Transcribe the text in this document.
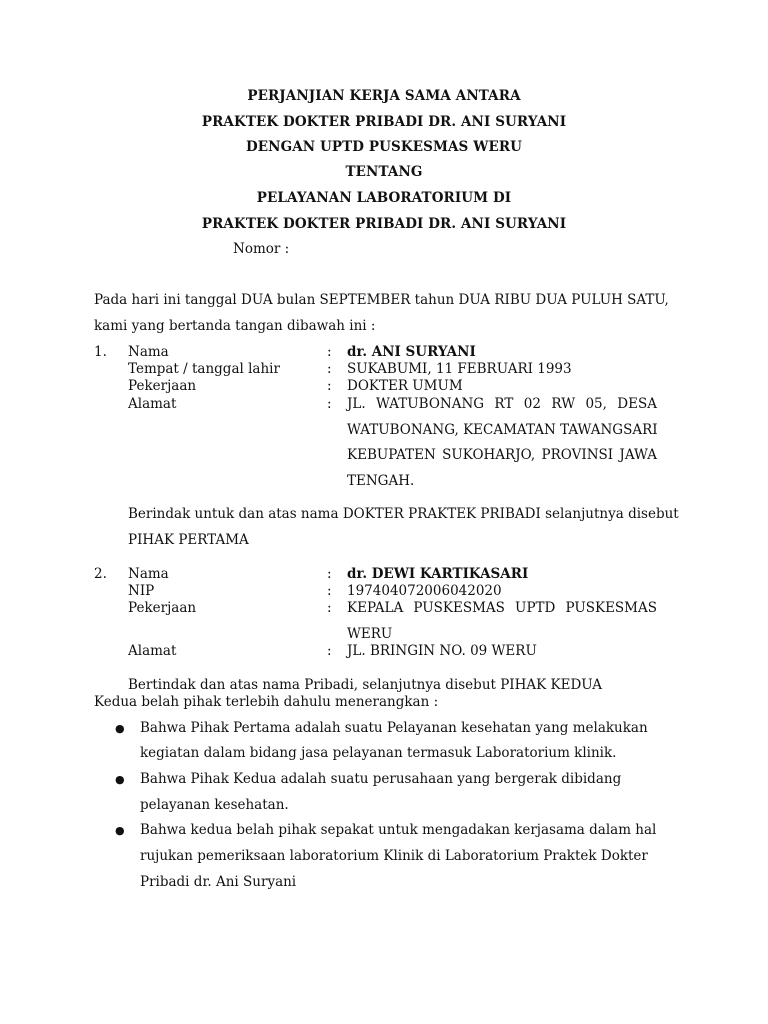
PERJANJIAN KERJA SAMA ANTARA
PRAKTEK DOKTER PRIBADI DR. ANI SURYANI
DENGAN UPTD PUSKESMAS WERU
TENTANG
PELAYANAN LABORATORIUM DI
PRAKTEK DOKTER PRIBADI DR. ANI SURYANI
Nomor :
Pada hari ini tanggal DUA bulan SEPTEMBER tahun DUA RIBU DUA PULUH SATU,
kami yang bertanda tangan dibawah ini :
1. Nama	: dr. ANI SURYANI
Tempat / tanggal lahir	: SUKABUMI, 11 FEBRUARI 1993
Pekerjaan	: DOKTER UMUM
Alamat	: JL. WATUBONANG RT 02 RW 05, DESA
WATUBONANG, KECAMATAN TAWANGSARI
KEBUPATEN SUKOHARJO, PROVINSI JAWA
TENGAH.
Berindak untuk dan atas nama DOKTER PRAKTEK PRIBADI selanjutnya disebut
PIHAK PERTAMA
2. Nama	: dr. DEWI KARTIKASARI
NIP	: 197404072006042020
Pekerjaan	: KEPALA PUSKESMAS UPTD PUSKESMAS
WERU
Alamat	: JL. BRINGIN NO. 09 WERU
Bertindak dan atas nama Pribadi, selanjutnya disebut PIHAK KEDUA
Kedua belah pihak terlebih dahulu menerangkan :
● Bahwa Pihak Pertama adalah suatu Pelayanan kesehatan yang melakukan
kegiatan dalam bidang jasa pelayanan termasuk Laboratorium klinik.
● Bahwa Pihak Kedua adalah suatu perusahaan yang bergerak dibidang
pelayanan kesehatan.
● Bahwa kedua belah pihak sepakat untuk mengadakan kerjasama dalam hal
rujukan pemeriksaan laboratorium Klinik di Laboratorium Praktek Dokter
Pribadi dr. Ani Suryani
